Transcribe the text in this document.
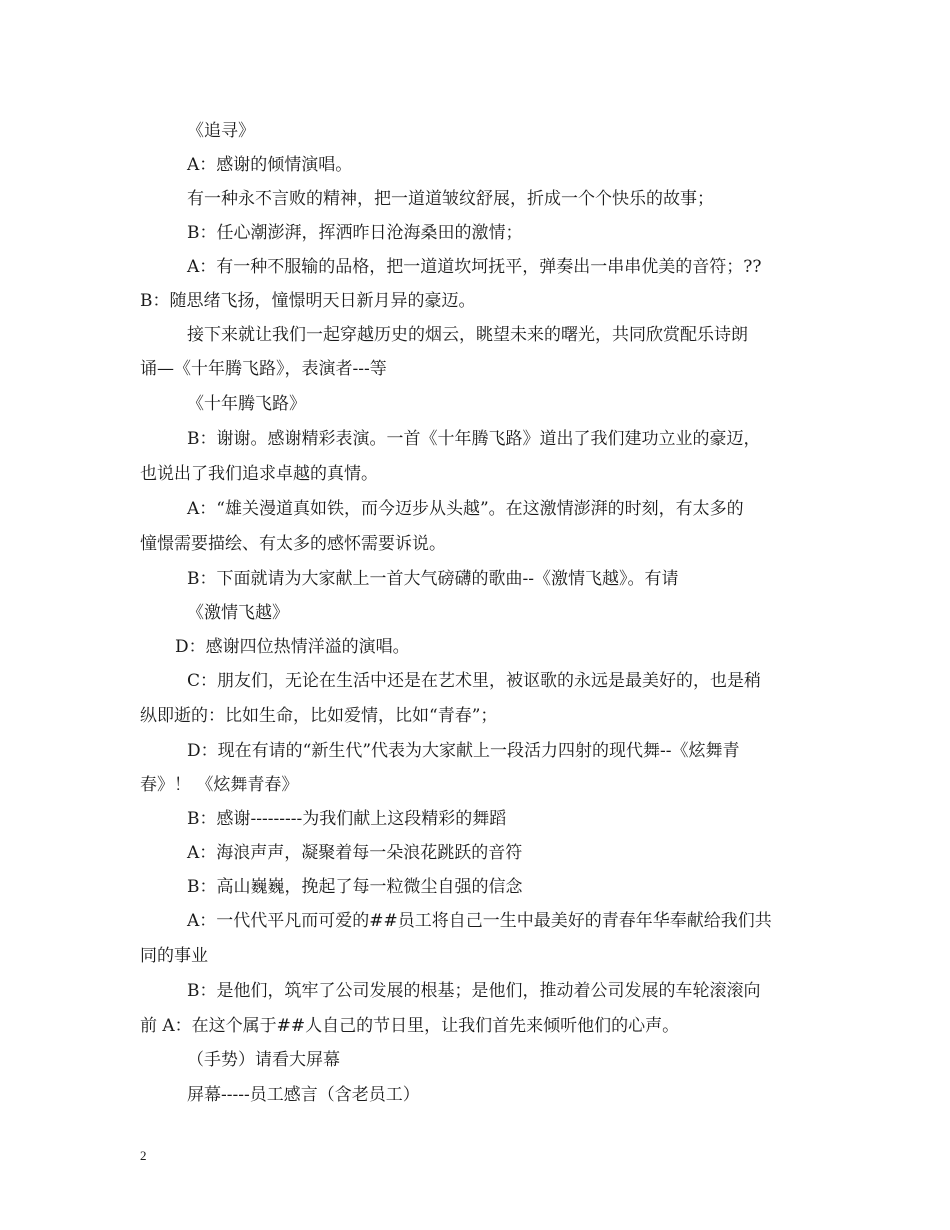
《追寻》
A：感谢的倾情演唱。
有一种永不言败的精神，把一道道皱纹舒展，折成一个个快乐的故事；
B：任心潮澎湃，挥洒昨日沧海桑田的激情；
A：有一种不服输的品格，把一道道坎坷抚平，弹奏出一串串优美的音符；??
B：随思绪飞扬，憧憬明天日新月异的豪迈。
接下来就让我们一起穿越历史的烟云，眺望未来的曙光，共同欣赏配乐诗朗
诵—《十年腾飞路》，表演者---等
《十年腾飞路》
B：谢谢。感谢精彩表演。一首《十年腾飞路》道出了我们建功立业的豪迈，
也说出了我们追求卓越的真情。
A：“雄关漫道真如铁，而今迈步从头越”。在这激情澎湃的时刻，有太多的
憧憬需要描绘、有太多的感怀需要诉说。
B：下面就请为大家献上一首大气磅礴的歌曲--《激情飞越》。有请
《激情飞越》
D：感谢四位热情洋溢的演唱。
C：朋友们，无论在生活中还是在艺术里，被讴歌的永远是最美好的，也是稍
纵即逝的：比如生命，比如爱情，比如“青春”；
D：现在有请的“新生代”代表为大家献上一段活力四射的现代舞--《炫舞青
春》！ 《炫舞青春》
B：感谢---------为我们献上这段精彩的舞蹈
A：海浪声声，凝聚着每一朵浪花跳跃的音符
B：高山巍巍，挽起了每一粒微尘自强的信念
A：一代代平凡而可爱的##员工将自己一生中最美好的青春年华奉献给我们共
同的事业
B：是他们，筑牢了公司发展的根基；是他们，推动着公司发展的车轮滚滚向
前 A：在这个属于##人自己的节日里，让我们首先来倾听他们的心声。
（手势）请看大屏幕
屏幕-----员工感言（含老员工）
2
